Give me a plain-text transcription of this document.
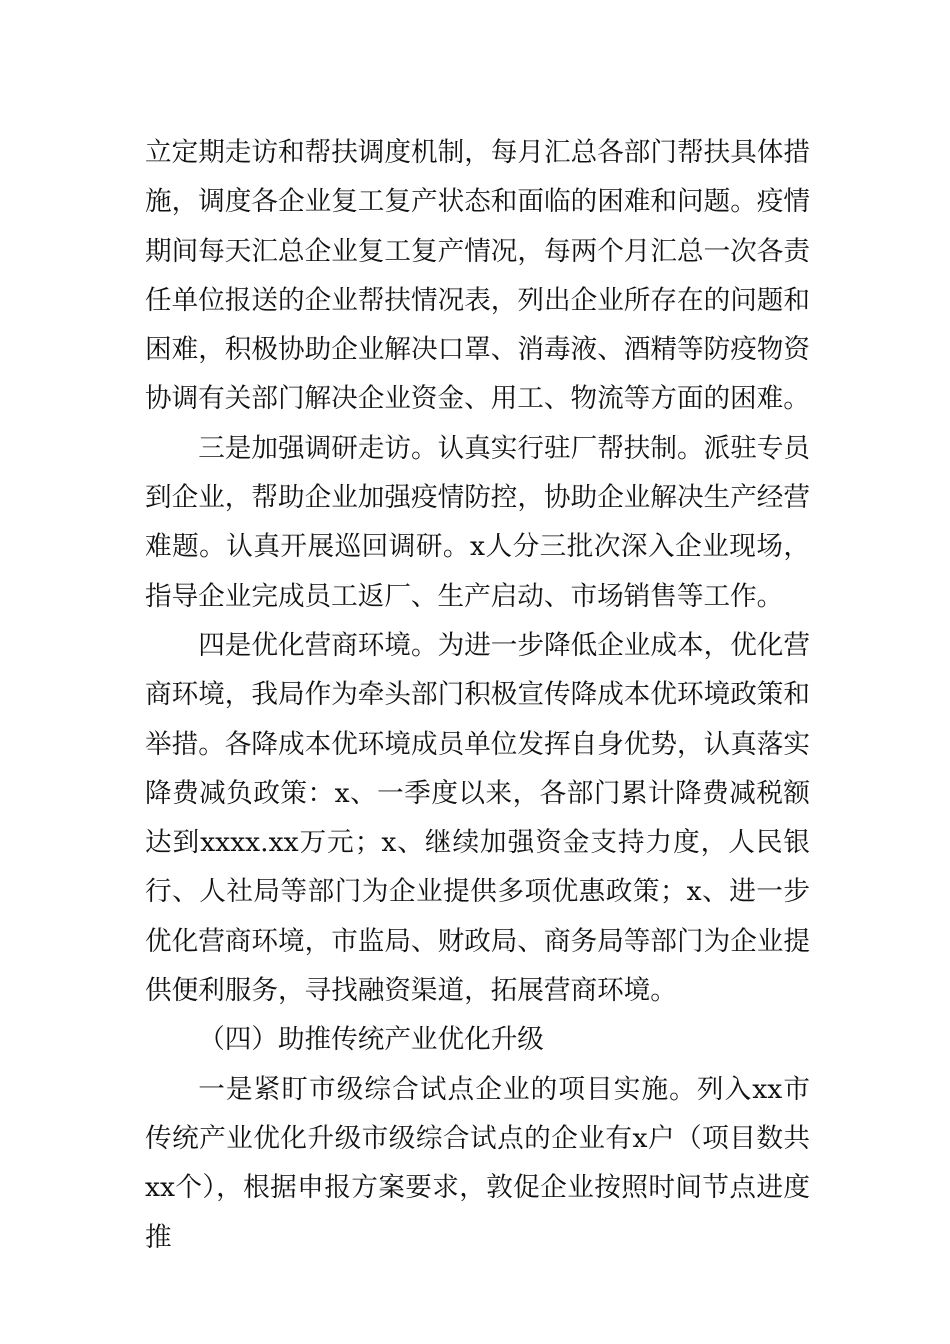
立定期走访和帮扶调度机制，每月汇总各部门帮扶具体措施，调度各企业复工复产状态和面临的困难和问题。疫情期间每天汇总企业复工复产情况，每两个月汇总一次各责任单位报送的企业帮扶情况表，列出企业所存在的问题和困难，积极协助企业解决口罩、消毒液、酒精等防疫物资协调有关部门解决企业资金、用工、物流等方面的困难。

三是加强调研走访。认真实行驻厂帮扶制。派驻专员到企业，帮助企业加强疫情防控，协助企业解决生产经营难题。认真开展巡回调研。x人分三批次深入企业现场，指导企业完成员工返厂、生产启动、市场销售等工作。

四是优化营商环境。为进一步降低企业成本，优化营商环境，我局作为牵头部门积极宣传降成本优环境政策和举措。各降成本优环境成员单位发挥自身优势，认真落实降费减负政策：x、一季度以来，各部门累计降费减税额达到xxxx.xx万元；x、继续加强资金支持力度，人民银行、人社局等部门为企业提供多项优惠政策；x、进一步优化营商环境，市监局、财政局、商务局等部门为企业提供便利服务，寻找融资渠道，拓展营商环境。

（四）助推传统产业优化升级

一是紧盯市级综合试点企业的项目实施。列入xx市传统产业优化升级市级综合试点的企业有x户（项目数共xx个），根据申报方案要求，敦促企业按照时间节点进度推
